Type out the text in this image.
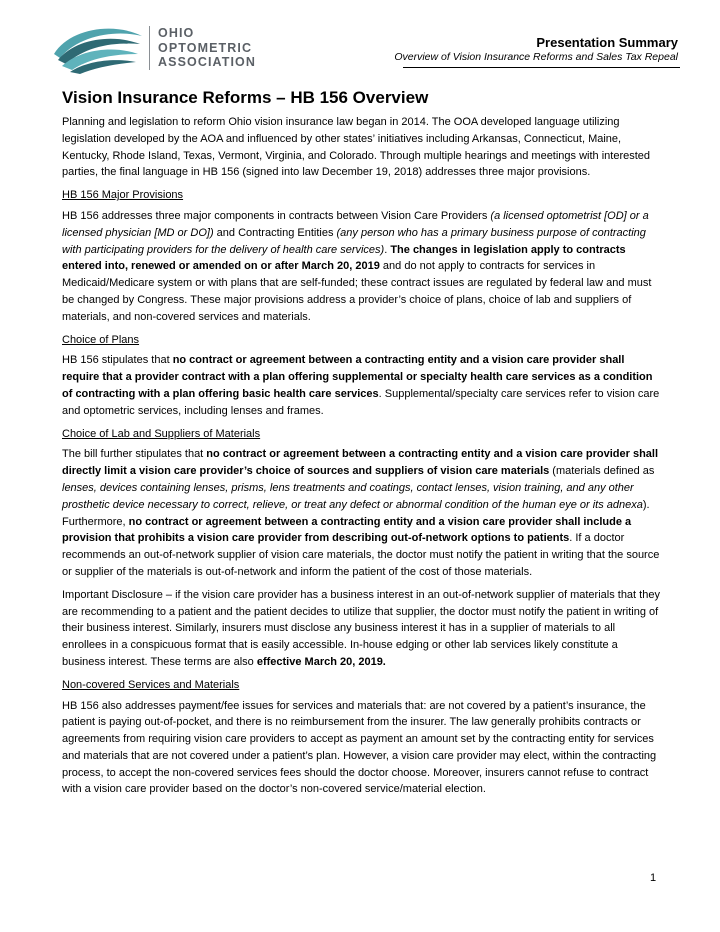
OHIO
OPTOMETRIC
ASSOCIATION
Presentation Summary
Overview of Vision Insurance Reforms and Sales Tax Repeal
Vision Insurance Reforms – HB 156 Overview

Planning and legislation to reform Ohio vision insurance law began in 2014. The OOA developed language utilizing legislation developed by the AOA and influenced by other states’ initiatives including Arkansas, Connecticut, Maine, Kentucky, Rhode Island, Texas, Vermont, Virginia, and Colorado. Through multiple hearings and meetings with interested parties, the final language in HB 156 (signed into law December 19, 2018) addresses three major provisions.

HB 156 Major Provisions

HB 156 addresses three major components in contracts between Vision Care Providers (a licensed optometrist [OD] or a licensed physician [MD or DO]) and Contracting Entities (any person who has a primary business purpose of contracting with participating providers for the delivery of health care services). The changes in legislation apply to contracts entered into, renewed or amended on or after March 20, 2019 and do not apply to contracts for services in Medicaid/Medicare system or with plans that are self-funded; these contract issues are regulated by federal law and must be changed by Congress. These major provisions address a provider’s choice of plans, choice of lab and suppliers of materials, and non-covered services and materials.

Choice of Plans

HB 156 stipulates that no contract or agreement between a contracting entity and a vision care provider shall require that a provider contract with a plan offering supplemental or specialty health care services as a condition of contracting with a plan offering basic health care services. Supplemental/specialty care services refer to vision care and optometric services, including lenses and frames.

Choice of Lab and Suppliers of Materials

The bill further stipulates that no contract or agreement between a contracting entity and a vision care provider shall directly limit a vision care provider’s choice of sources and suppliers of vision care materials (materials defined as lenses, devices containing lenses, prisms, lens treatments and coatings, contact lenses, vision training, and any other prosthetic device necessary to correct, relieve, or treat any defect or abnormal condition of the human eye or its adnexa). Furthermore, no contract or agreement between a contracting entity and a vision care provider shall include a provision that prohibits a vision care provider from describing out-of-network options to patients. If a doctor recommends an out-of-network supplier of vision care materials, the doctor must notify the patient in writing that the source or supplier of the materials is out-of-network and inform the patient of the cost of those materials.

Important Disclosure – if the vision care provider has a business interest in an out-of-network supplier of materials that they are recommending to a patient and the patient decides to utilize that supplier, the doctor must notify the patient in writing of their business interest. Similarly, insurers must disclose any business interest it has in a supplier of materials to all enrollees in a conspicuous format that is easily accessible. In-house edging or other lab services likely constitute a business interest. These terms are also effective March 20, 2019.

Non-covered Services and Materials

HB 156 also addresses payment/fee issues for services and materials that: are not covered by a patient’s insurance, the patient is paying out-of-pocket, and there is no reimbursement from the insurer. The law generally prohibits contracts or agreements from requiring vision care providers to accept as payment an amount set by the contracting entity for services and materials that are not covered under a patient’s plan. However, a vision care provider may elect, within the contracting process, to accept the non-covered services fees should the doctor choose. Moreover, insurers cannot refuse to contract with a vision care provider based on the doctor’s non-covered service/material election.

1
